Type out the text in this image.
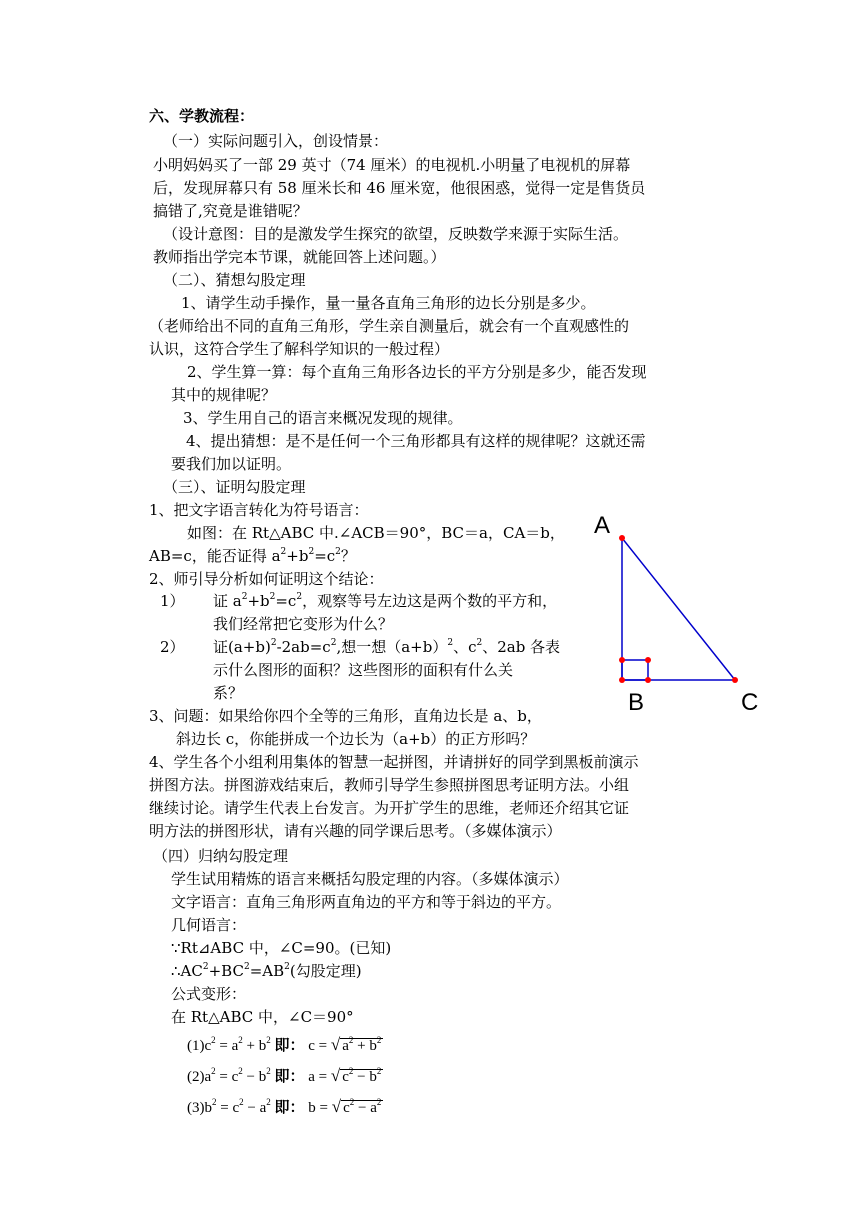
六、学教流程：
（一）实际问题引入，创设情景：
小明妈妈买了一部 29 英寸（74 厘米）的电视机.小明量了电视机的屏幕
后，发现屏幕只有 58 厘米长和 46 厘米宽，他很困惑，觉得一定是售货员
搞错了,究竟是谁错呢？
（设计意图：目的是激发学生探究的欲望，反映数学来源于实际生活。
教师指出学完本节课，就能回答上述问题。）
（二）、猜想勾股定理
1、请学生动手操作，量一量各直角三角形的边长分别是多少。
（老师给出不同的直角三角形，学生亲自测量后，就会有一个直观感性的
认识，这符合学生了解科学知识的一般过程）
2、学生算一算：每个直角三角形各边长的平方分别是多少，能否发现
其中的规律呢？
3、学生用自己的语言来概况发现的规律。
4、提出猜想：是不是任何一个三角形都具有这样的规律呢？这就还需
要我们加以证明。
（三）、证明勾股定理
1、把文字语言转化为符号语言：
如图：在 Rt△ABC 中.∠ACB＝90°，BC＝a，CA＝b，
AB=c，能否证得 $a^2+b^2=c^2$？
2、师引导分析如何证明这个结论：
1） 证 $a^2+b^2=c^2$，观察等号左边这是两个数的平方和，
我们经常把它变形为什么？
2） 证$(a+b)^2-2ab=c^2$,想一想$(a+b)^2$、$c^2$、2ab 各表
示什么图形的面积？这些图形的面积有什么关
系？
3、问题：如果给你四个全等的三角形，直角边长是 a、b，
斜边长 c，你能拼成一个边长为（a+b）的正方形吗？
4、学生各个小组利用集体的智慧一起拼图，并请拼好的同学到黑板前演示
拼图方法。拼图游戏结束后，教师引导学生参照拼图思考证明方法。小组
继续讨论。请学生代表上台发言。为开扩学生的思维，老师还介绍其它证
明方法的拼图形状，请有兴趣的同学课后思考。（多媒体演示）
（四）归纳勾股定理
学生试用精炼的语言来概括勾股定理的内容。（多媒体演示）
文字语言：直角三角形两直角边的平方和等于斜边的平方。
几何语言：
∵Rt⊿ABC 中，∠C=90。(已知)
$\therefore AC^2+BC^2=AB^2$(勾股定理)
公式变形：
在 Rt△ABC 中，∠C＝90°
$(1)c^2 = a^2 + b^2$ 即： c = √ $a^2 + b^2$
$(2)a^2 = c^2 - b^2$ 即： a = √ $c^2 - b^2$
$(3)b^2 = c^2 - a^2$ 即： b = √ $c^2 - a^2$
A
B	C
